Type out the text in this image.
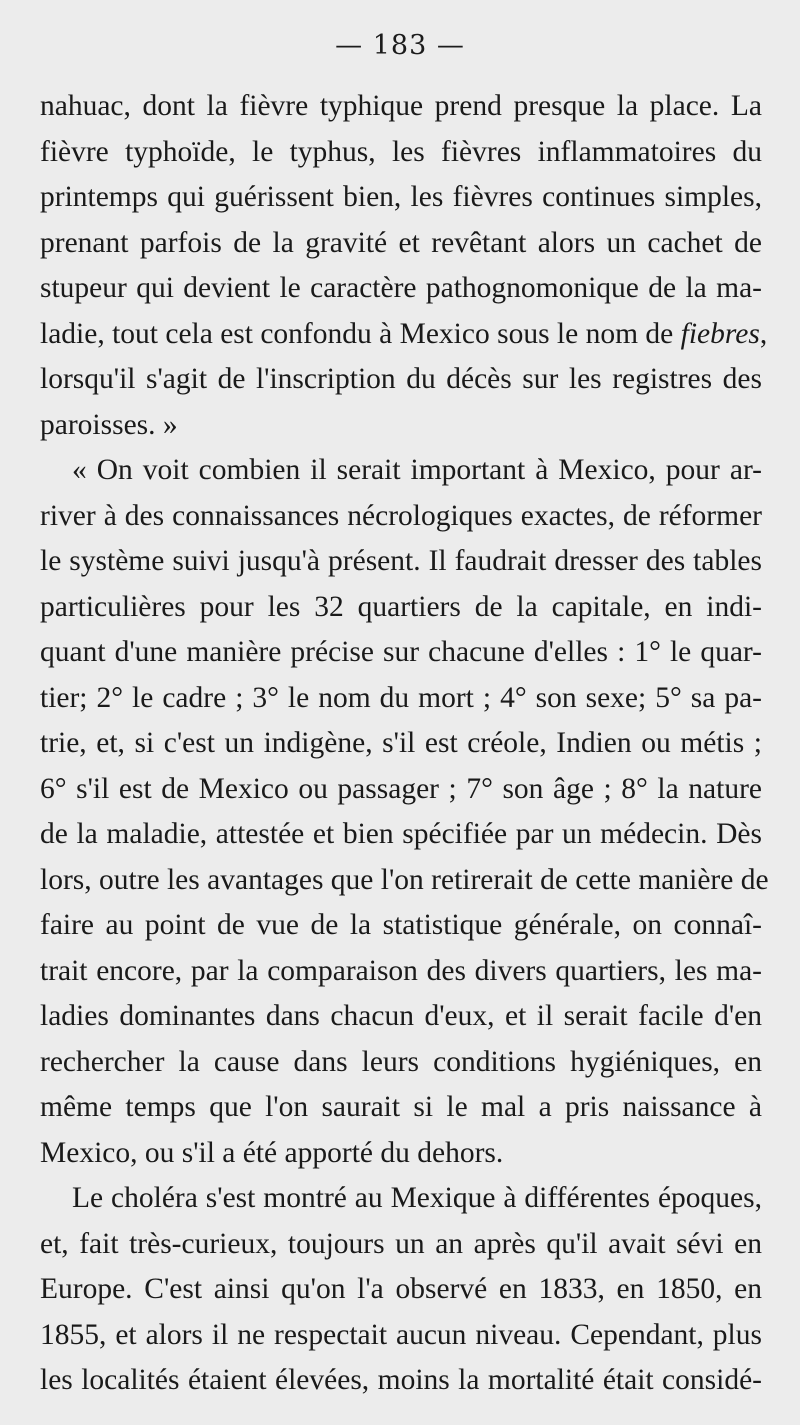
— 183 —
nahuac, dont la fièvre typhique prend presque la place. La
fièvre typhoïde, le typhus, les fièvres inflammatoires du
printemps qui guérissent bien, les fièvres continues simples,
prenant parfois de la gravité et revêtant alors un cachet de
stupeur qui devient le caractère pathognomonique de la ma-
ladie, tout cela est confondu à Mexico sous le nom de fiebres,
lorsqu'il s'agit de l'inscription du décès sur les registres des
paroisses. »
« On voit combien il serait important à Mexico, pour ar-
river à des connaissances nécrologiques exactes, de réformer
le système suivi jusqu'à présent. Il faudrait dresser des tables
particulières pour les 32 quartiers de la capitale, en indi-
quant d'une manière précise sur chacune d'elles : 1° le quar-
tier; 2° le cadre ; 3° le nom du mort ; 4° son sexe; 5° sa pa-
trie, et, si c'est un indigène, s'il est créole, Indien ou métis ;
6° s'il est de Mexico ou passager ; 7° son âge ; 8° la nature
de la maladie, attestée et bien spécifiée par un médecin. Dès
lors, outre les avantages que l'on retirerait de cette manière de
faire au point de vue de la statistique générale, on connaî-
trait encore, par la comparaison des divers quartiers, les ma-
ladies dominantes dans chacun d'eux, et il serait facile d'en
rechercher la cause dans leurs conditions hygiéniques, en
même temps que l'on saurait si le mal a pris naissance à
Mexico, ou s'il a été apporté du dehors.
Le choléra s'est montré au Mexique à différentes époques,
et, fait très-curieux, toujours un an après qu'il avait sévi en
Europe. C'est ainsi qu'on l'a observé en 1833, en 1850, en
1855, et alors il ne respectait aucun niveau. Cependant, plus
les localités étaient élevées, moins la mortalité était considé-
